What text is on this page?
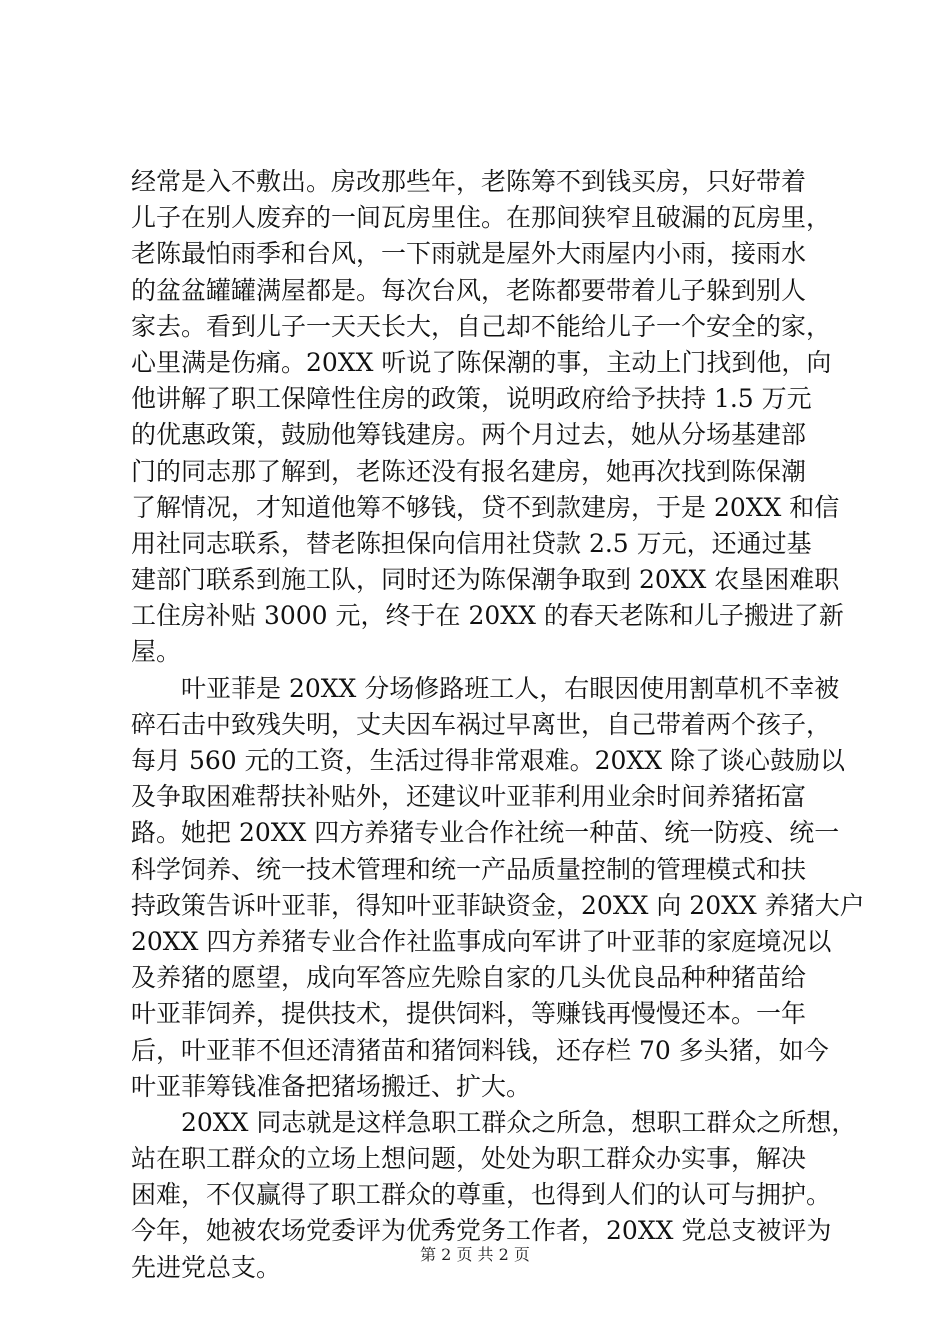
经常是入不敷出。房改那些年，老陈筹不到钱买房，只好带着
儿子在别人废弃的一间瓦房里住。在那间狭窄且破漏的瓦房里，
老陈最怕雨季和台风，一下雨就是屋外大雨屋内小雨，接雨水
的盆盆罐罐满屋都是。每次台风，老陈都要带着儿子躲到别人
家去。看到儿子一天天长大，自己却不能给儿子一个安全的家，
心里满是伤痛。20XX 听说了陈保潮的事，主动上门找到他，向
他讲解了职工保障性住房的政策，说明政府给予扶持 1.5 万元
的优惠政策，鼓励他筹钱建房。两个月过去，她从分场基建部
门的同志那了解到，老陈还没有报名建房，她再次找到陈保潮
了解情况，才知道他筹不够钱，贷不到款建房，于是 20XX 和信
用社同志联系，替老陈担保向信用社贷款 2.5 万元，还通过基
建部门联系到施工队，同时还为陈保潮争取到 20XX 农垦困难职
工住房补贴 3000 元，终于在 20XX 的春天老陈和儿子搬进了新
屋。
　　叶亚菲是 20XX 分场修路班工人，右眼因使用割草机不幸被
碎石击中致残失明，丈夫因车祸过早离世，自己带着两个孩子，
每月 560 元的工资，生活过得非常艰难。20XX 除了谈心鼓励以
及争取困难帮扶补贴外，还建议叶亚菲利用业余时间养猪拓富
路。她把 20XX 四方养猪专业合作社统一种苗、统一防疫、统一
科学饲养、统一技术管理和统一产品质量控制的管理模式和扶
持政策告诉叶亚菲，得知叶亚菲缺资金，20XX 向 20XX 养猪大户
20XX 四方养猪专业合作社监事成向军讲了叶亚菲的家庭境况以
及养猪的愿望，成向军答应先赊自家的几头优良品种种猪苗给
叶亚菲饲养，提供技术，提供饲料，等赚钱再慢慢还本。一年
后，叶亚菲不但还清猪苗和猪饲料钱，还存栏 70 多头猪，如今
叶亚菲筹钱准备把猪场搬迁、扩大。
　　20XX 同志就是这样急职工群众之所急，想职工群众之所想，
站在职工群众的立场上想问题，处处为职工群众办实事，解决
困难，不仅赢得了职工群众的尊重，也得到人们的认可与拥护。
今年，她被农场党委评为优秀党务工作者，20XX 党总支被评为
先进党总支。	第 2 页 共 2 页
